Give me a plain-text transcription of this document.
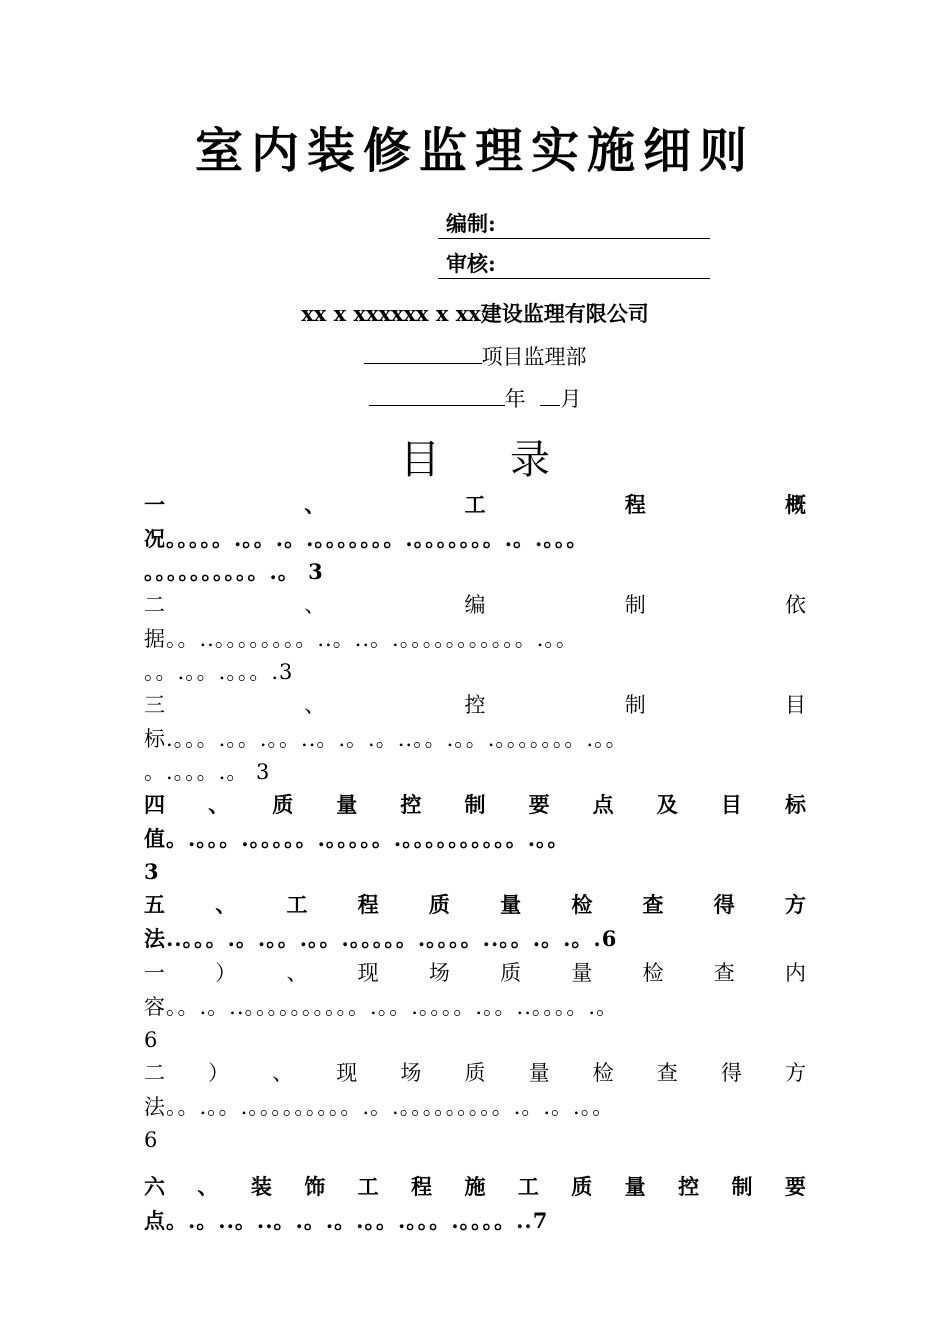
室内装修监理实施细则
编制:
审核:
xx x xxxxxx x xx建设监理有限公司
项目监理部
年 月
目 录
一	、	工	程	概
况。。。。。.。。.。.。。。。。。。.。。。。。。。.。.。。。
。。。。。。。。。。.。 3
二	、	编	制	依
据。。..。。。。。。。。..。..。.。。。。。。。。。。。.。。
。。.。。.。。。.3
三	、	控	制	目
标.。。。.。。.。。..。.。.。..。。.。。.。。。。。。。.。。
。.。。。.。 3
四 、 质 量 控 制 要 点 及 目 标
值。.。。。.。。。。。.。。。。。.。。。。。。。。。。.。。
3
五 、 工 程 质 量 检 查 得 方
法..。。。.。.。。.。。.。。。。。.。。。。..。。.。.。.6
一 ） 、 现 场 质 量 检 查 内
容。。.。..。。。。。。。。。。.。。.。。。。.。。..。。。。.。
6
二 ） 、 现 场 质 量 检 查 得 方
法。。.。。.。。。。。。。。。.。.。。。。。。。。。.。.。.。。
6
六 、 装 饰 工 程 施 工 质 量 控 制 要
点。.。..。..。.。.。.。。.。。。.。。。。..7
